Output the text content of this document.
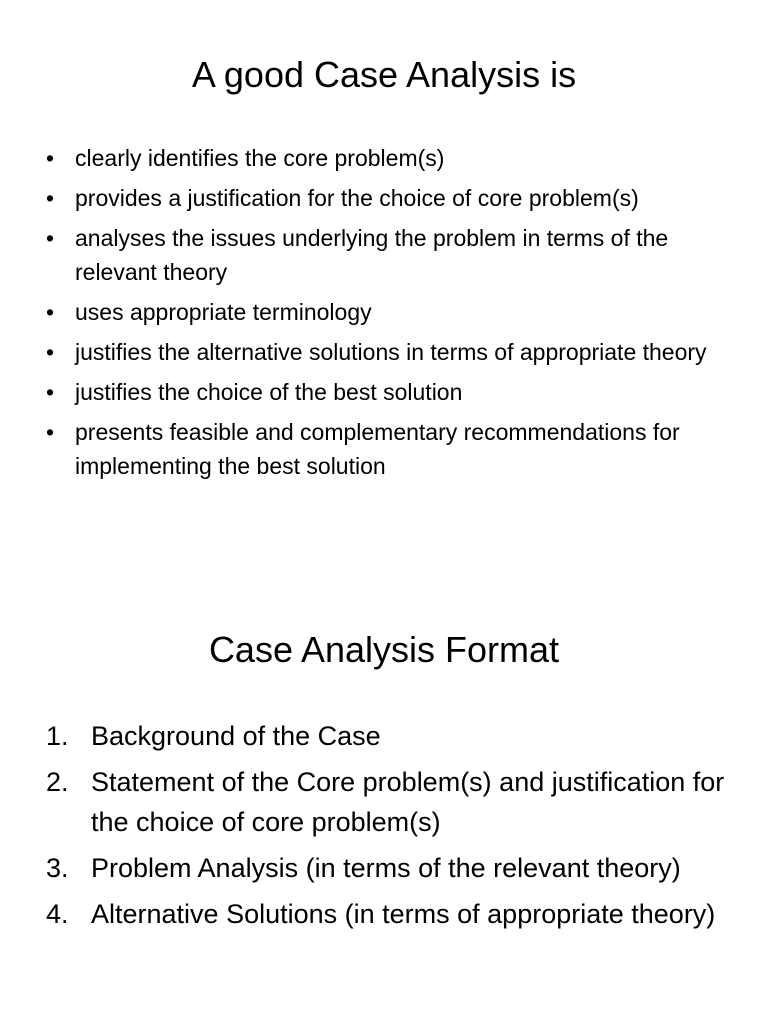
A good Case Analysis is
• clearly identifies the core problem(s)
• provides a justification for the choice of core problem(s)
• analyses the issues underlying the problem in terms of the relevant theory
• uses appropriate terminology
• justifies the alternative solutions in terms of appropriate theory
• justifies the choice of the best solution
• presents feasible and complementary recommendations for implementing the best solution
Case Analysis Format
1. Background of the Case
2. Statement of the Core problem(s) and justification for the choice of core problem(s)
3. Problem Analysis (in terms of the relevant theory)
4. Alternative Solutions (in terms of appropriate theory)
